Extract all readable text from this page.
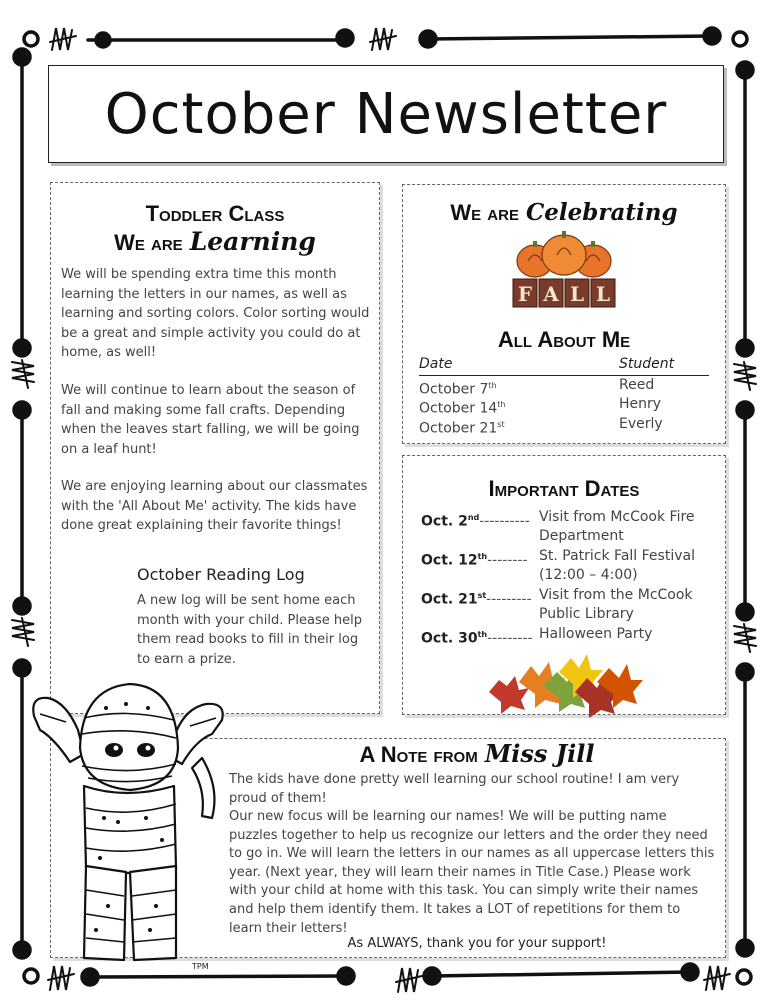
October Newsletter
Toddler Class
We are Learning

We will be spending extra time this month learning the letters in our names, as well as learning and sorting colors. Color sorting would be a great and simple activity you could do at home, as well!

We will continue to learn about the season of fall and making some fall crafts. Depending when the leaves start falling, we will be going on a leaf hunt!

We are enjoying learning about our classmates with the 'All About Me' activity. The kids have done great explaining their favorite things!

October Reading Log

A new log will be sent home each month with your child. Please help them read books to fill in their log to earn a prize.

We are Celebrating
F A L L
All About Me
Date	Student
October 7th	Reed
October 14th	Henry
October 21st	Everly
Important Dates
Oct. 2nd---------- Visit from McCook Fire Department
Oct. 12th-------- St. Patrick Fall Festival (12:00 – 4:00)
Oct. 21st--------- Visit from the McCook Public Library
Oct. 30th--------- Halloween Party
A Note from Miss Jill

The kids have done pretty well learning our school routine! I am very proud of them!

Our new focus will be learning our names! We will be putting name puzzles together to help us recognize our letters and the order they need to go in. We will learn the letters in our names as all uppercase letters this year. (Next year, they will learn their names in Title Case.) Please work with your child at home with this task. You can simply write their names and help them identify them. It takes a LOT of repetitions for them to learn their letters!

As ALWAYS, thank you for your support!
TPM
